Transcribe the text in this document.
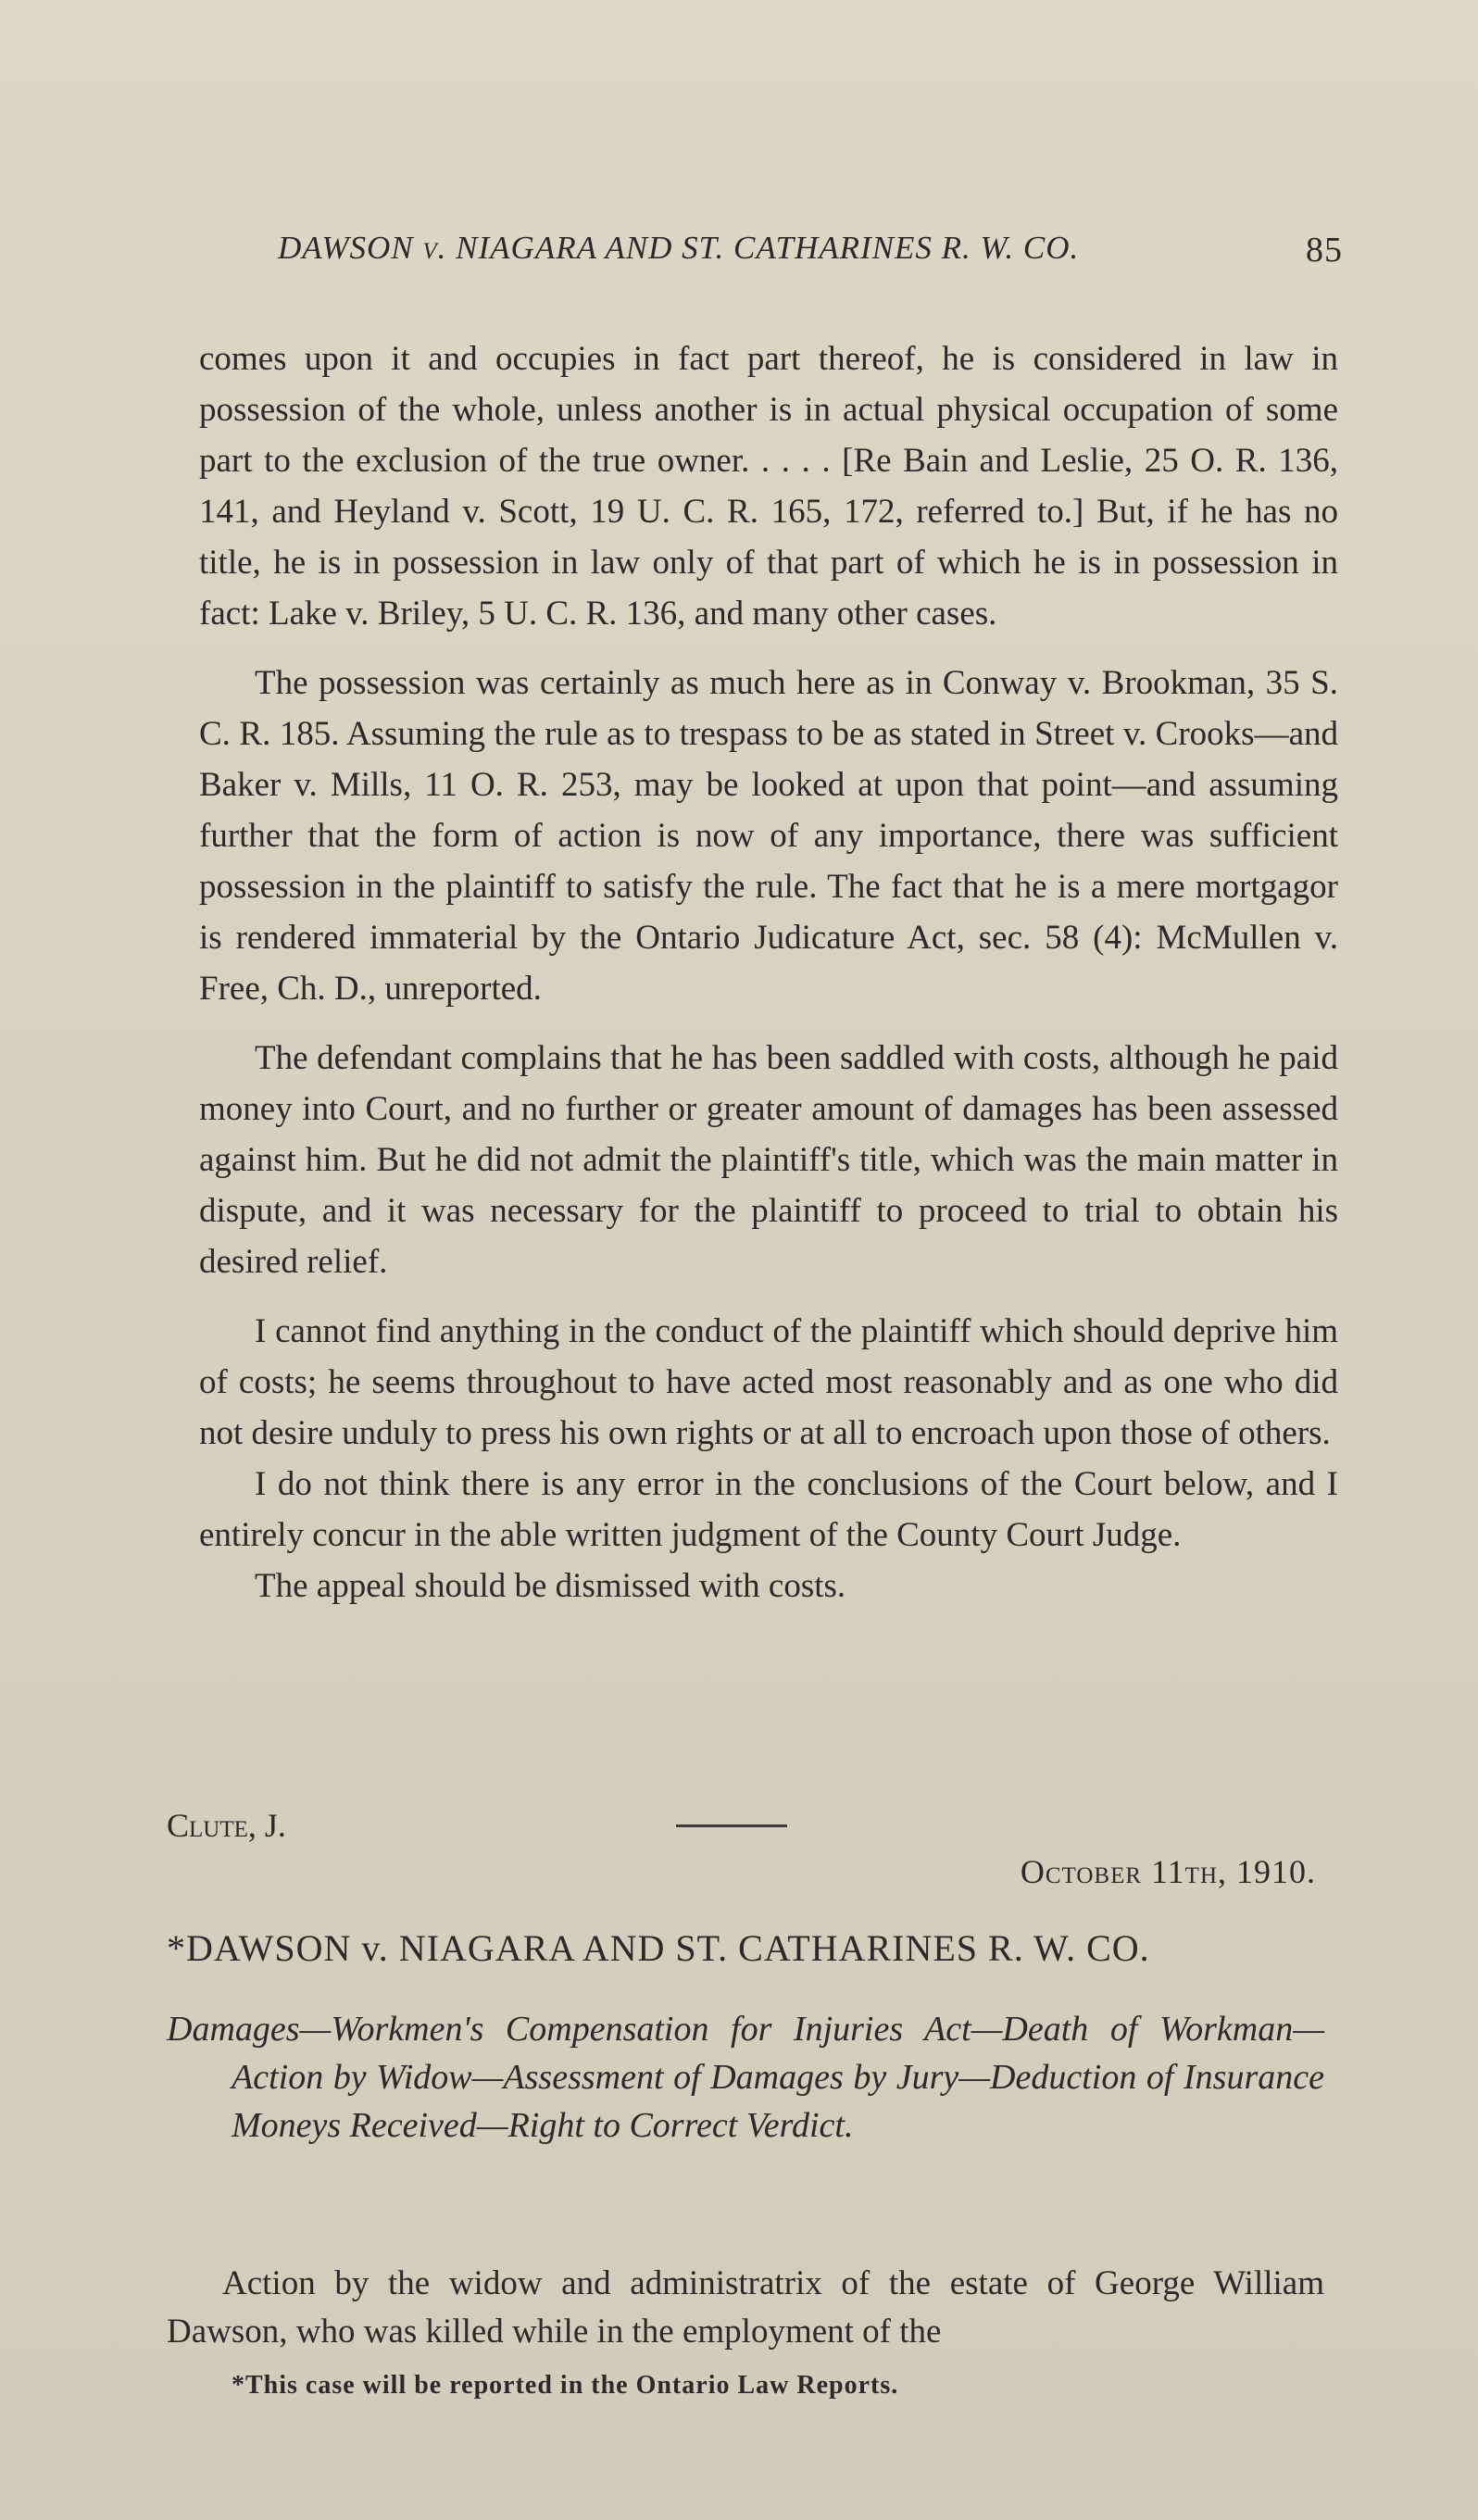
DAWSON v. NIAGARA AND ST. CATHARINES R. W. CO.	85

comes upon it and occupies in fact part thereof, he is considered in law in possession of the whole, unless another is in actual physical occupation of some part to the exclusion of the true owner. . . . . [Re Bain and Leslie, 25 O. R. 136, 141, and Heyland v. Scott, 19 U. C. R. 165, 172, referred to.] But, if he has no title, he is in possession in law only of that part of which he is in possession in fact: Lake v. Briley, 5 U. C. R. 136, and many other cases.

The possession was certainly as much here as in Conway v. Brookman, 35 S. C. R. 185. Assuming the rule as to trespass to be as stated in Street v. Crooks—and Baker v. Mills, 11 O. R. 253, may be looked at upon that point—and assuming further that the form of action is now of any importance, there was sufficient possession in the plaintiff to satisfy the rule. The fact that he is a mere mortgagor is rendered immaterial by the Ontario Judicature Act, sec. 58 (4): McMullen v. Free, Ch. D., unreported.

The defendant complains that he has been saddled with costs, although he paid money into Court, and no further or greater amount of damages has been assessed against him. But he did not admit the plaintiff's title, which was the main matter in dispute, and it was necessary for the plaintiff to proceed to trial to obtain his desired relief.

I cannot find anything in the conduct of the plaintiff which should deprive him of costs; he seems throughout to have acted most reasonably and as one who did not desire unduly to press his own rights or at all to encroach upon those of others.

I do not think there is any error in the conclusions of the Court below, and I entirely concur in the able written judgment of the County Court Judge.

The appeal should be dismissed with costs.

Clute, J.
October 11th, 1910.
*DAWSON v. NIAGARA AND ST. CATHARINES R. W. CO.
Damages—Workmen's Compensation for Injuries Act—Death of Workman—Action by Widow—Assessment of Damages by Jury—Deduction of Insurance Moneys Received—Right to Correct Verdict.

Action by the widow and administratrix of the estate of George William Dawson, who was killed while in the employment of the

*This case will be reported in the Ontario Law Reports.
